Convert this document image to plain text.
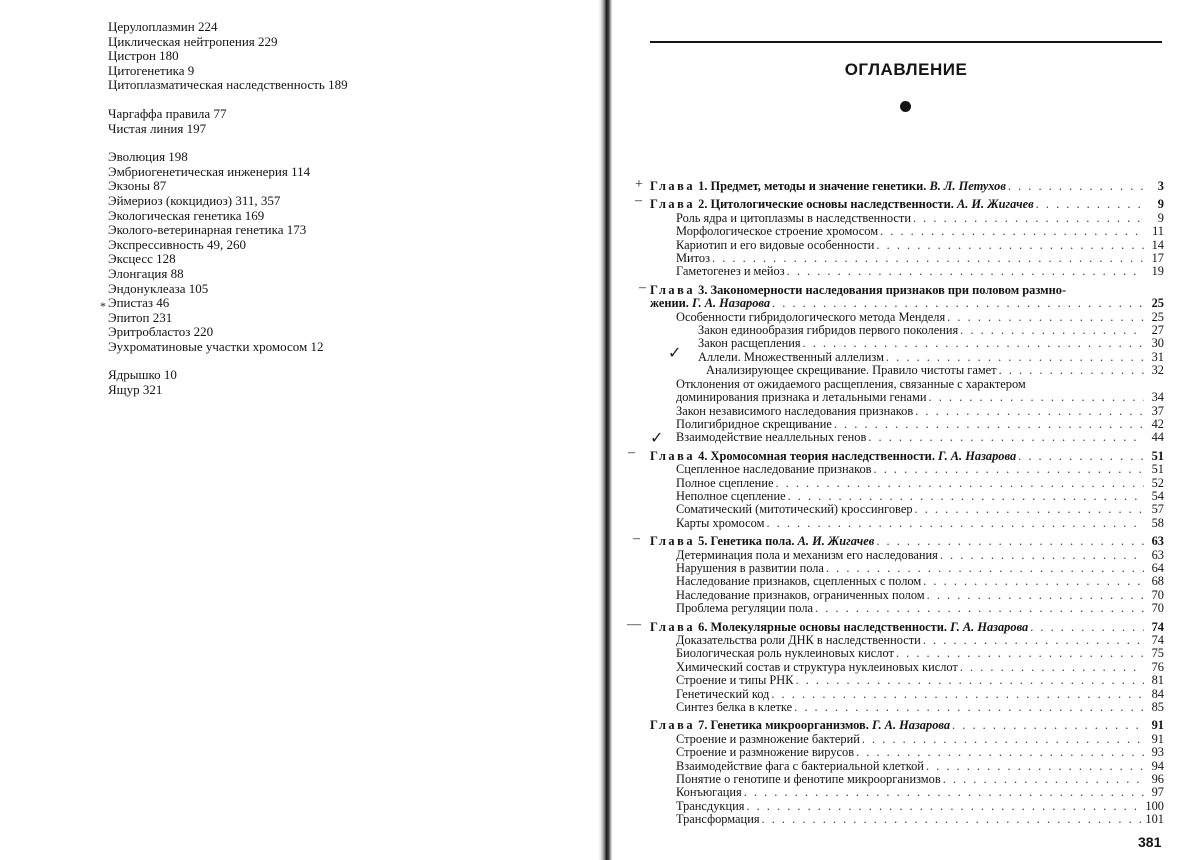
Церулоплазмин 224
Циклическая нейтропения 229
Цистрон 180
Цитогенетика 9
Цитоплазматическая наследственность 189
Чаргаффа правила 77
Чистая линия 197
Эволюция 198
Эмбриогенетическая инженерия 114
Экзоны 87
Эймериоз (кокцидиоз) 311, 357
Экологическая генетика 169
Эколого-ветеринарная генетика 173
Экспрессивность 49, 260
Эксцесс 128
Элонгация 88
Эндонуклеаза 105
Эпистаз 46
Эпитоп 231
Эритробластоз 220
Эухроматиновые участки хромосом 12
Ядрышко 10
Ящур 321
*
ОГЛАВЛЕНИЕ
Глава 1. Предмет, методы и значение генетики. В. Л. Петухов . . .	3
Глава 2. Цитологические основы наследственности. А. И. Жигачев . . .	9
Роль ядра и цитоплазмы в наследственности . . .	9
Морфологическое строение хромосом . . .	11
Кариотип и его видовые особенности . . .	14
Митоз . . .	17
Гаметогенез и мейоз . . .	19
Глава 3. Закономерности наследования признаков при половом размно-
жении. Г. А. Назарова . . .	25
Особенности гибридологического метода Менделя . . .	25
Закон единообразия гибридов первого поколения . . .	27
Закон расщепления . . .	30
Аллели. Множественный аллелизм . . .	31
Анализирующее скрещивание. Правило чистоты гамет . . .	32
Отклонения от ожидаемого расщепления, связанные с характером
доминирования признака и летальными генами . . .	34
Закон независимого наследования признаков . . .	37
Полигибридное скрещивание . . .	42
Взаимодействие неаллельных генов . . .	44
Глава 4. Хромосомная теория наследственности. Г. А. Назарова . . .	51
Сцепленное наследование признаков . . .	51
Полное сцепление . . .	52
Неполное сцепление . . .	54
Соматический (митотический) кроссинговер . . .	57
Карты хромосом . . .	58
Глава 5. Генетика пола. А. И. Жигачев . . .	63
Детерминация пола и механизм его наследования . . .	63
Нарушения в развитии пола . . .	64
Наследование признаков, сцепленных с полом . . .	68
Наследование признаков, ограниченных полом . . .	70
Проблема регуляции пола . . .	70
Глава 6. Молекулярные основы наследственности. Г. А. Назарова . . .	74
Доказательства роли ДНК в наследственности . . .	74
Биологическая роль нуклеиновых кислот . . .	75
Химический состав и структура нуклеиновых кислот . . .	76
Строение и типы РНК . . .	81
Генетический код . . .	84
Синтез белка в клетке . . .	85
Глава 7. Генетика микроорганизмов. Г. А. Назарова . . .	91
Строение и размножение бактерий . . .	91
Строение и размножение вирусов . . .	93
Взаимодействие фага с бактериальной клеткой . . .	94
Понятие о генотипе и фенотипе микроорганизмов . . .	96
Конъюгация . . .	97
Трансдукция . . .	100
Трансформация . . .	101
+
–
–
✓
✓
–
–
—
381
